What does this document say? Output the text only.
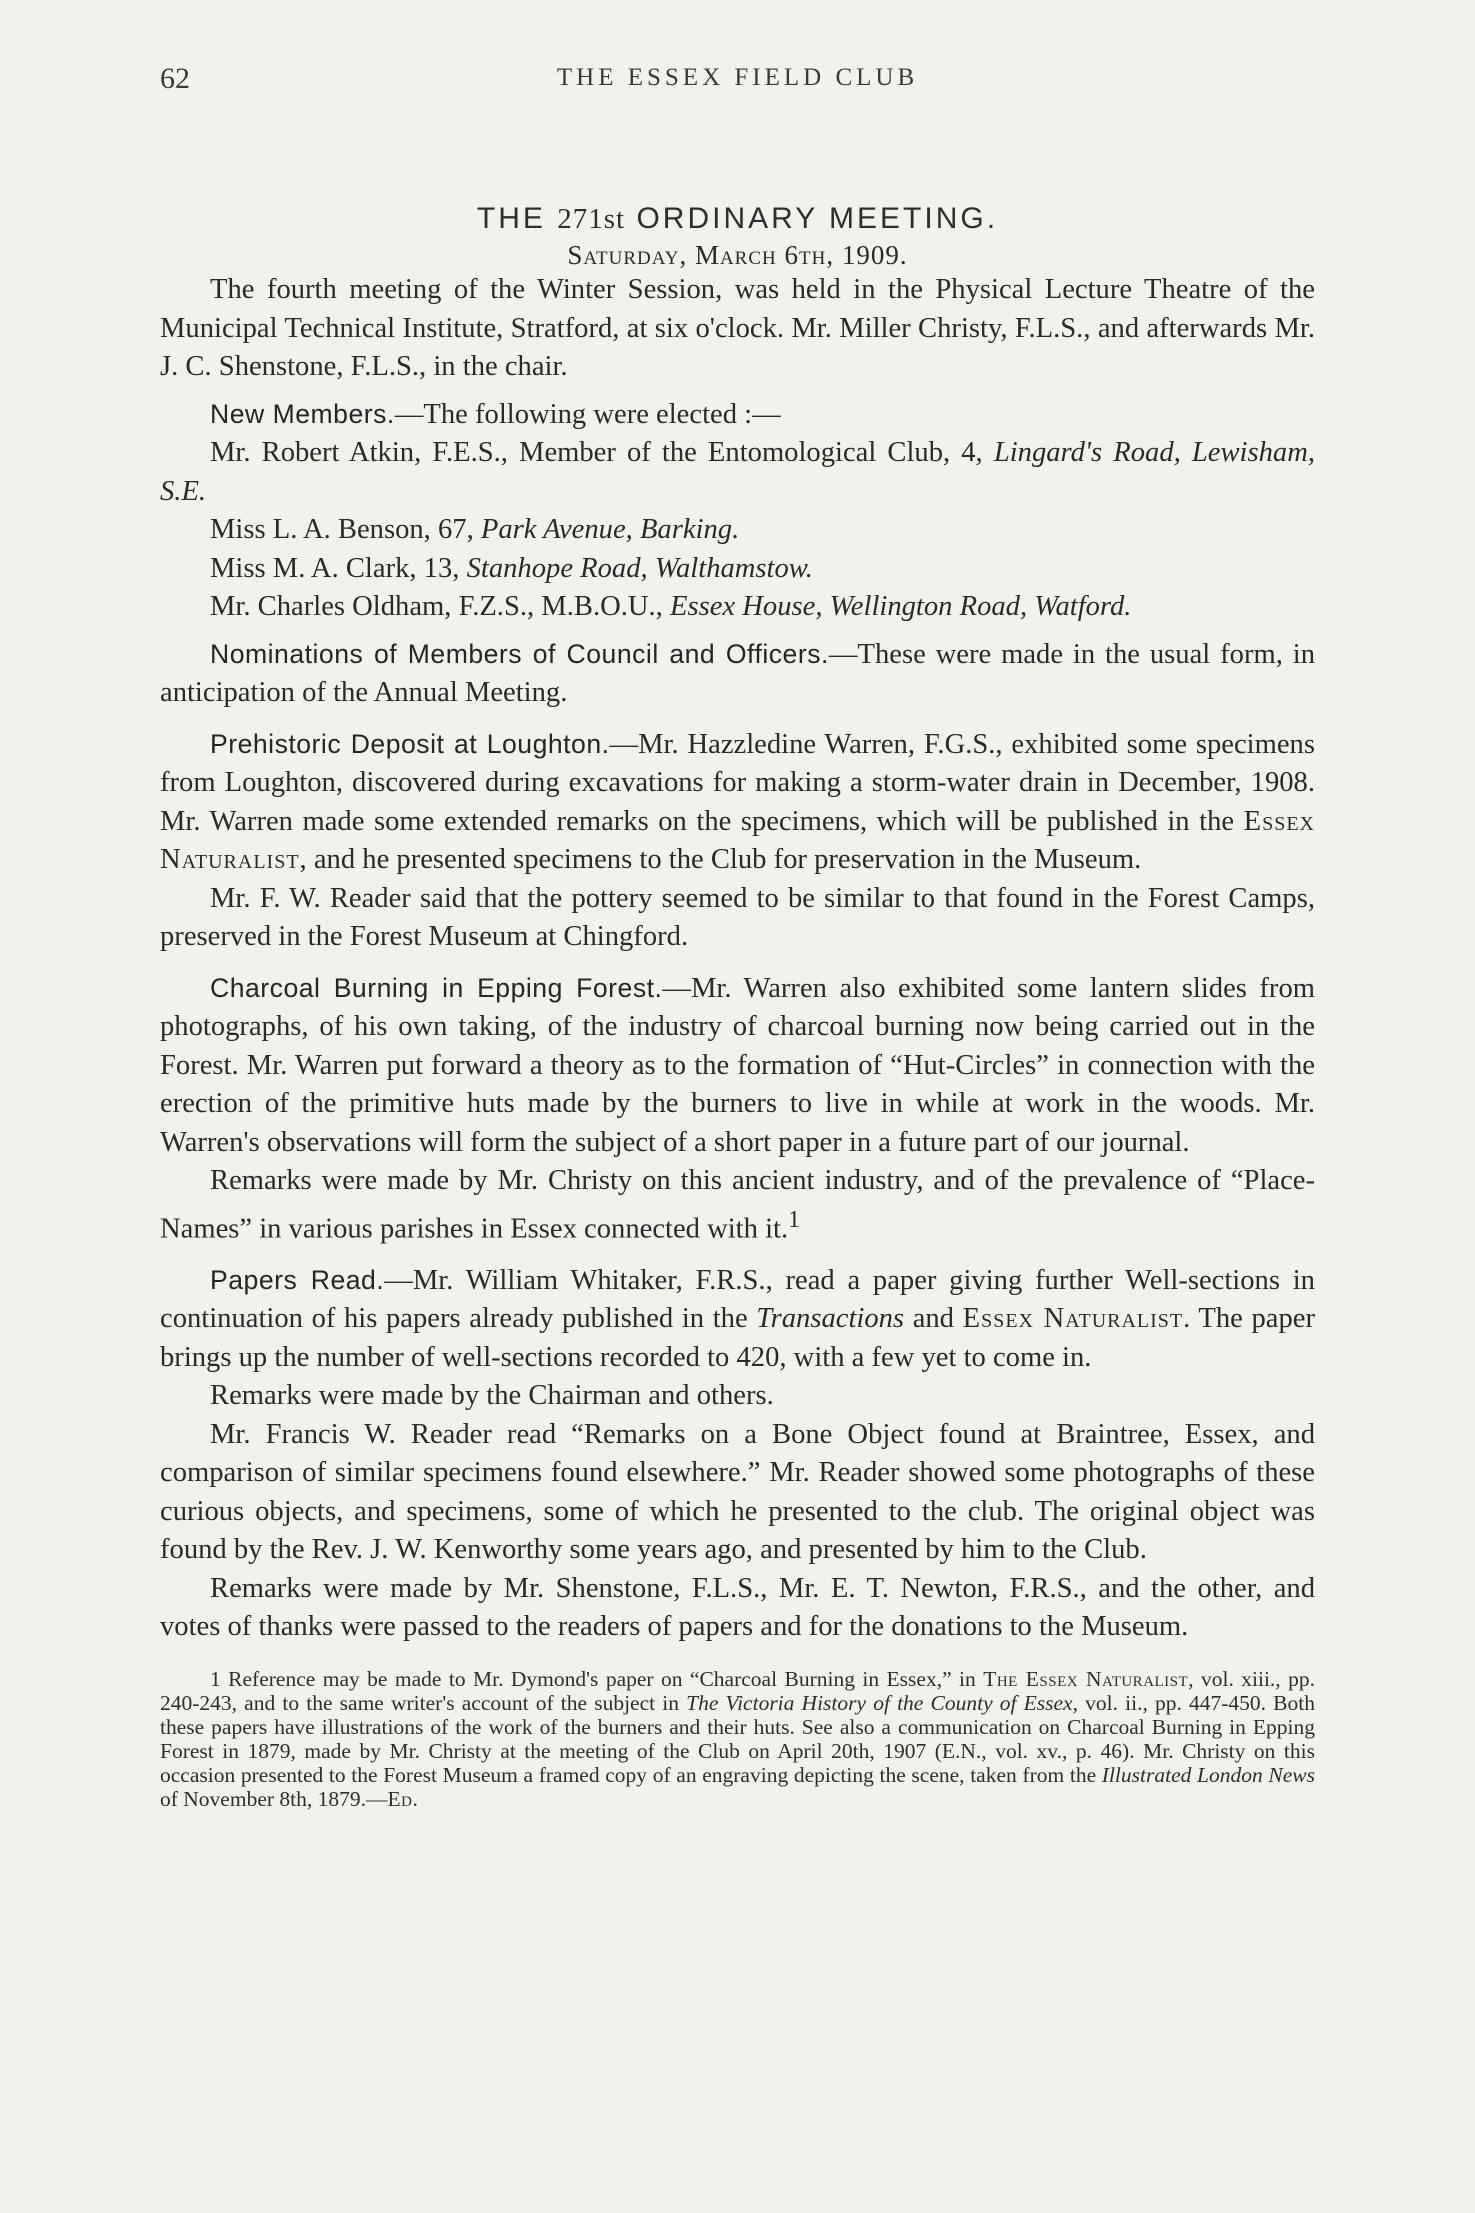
62	THE ESSEX FIELD CLUB
THE 271st ORDINARY MEETING.
Saturday, March 6th, 1909.

The fourth meeting of the Winter Session, was held in the Physical Lecture Theatre of the Municipal Technical Institute, Stratford, at six o'clock. Mr. Miller Christy, F.L.S., and afterwards Mr. J. C. Shenstone, F.L.S., in the chair.

New Members.—The following were elected :—

Mr. Robert Atkin, F.E.S., Member of the Entomological Club, 4, Lingard's Road, Lewisham, S.E.

Miss L. A. Benson, 67, Park Avenue, Barking.

Miss M. A. Clark, 13, Stanhope Road, Walthamstow.

Mr. Charles Oldham, F.Z.S., M.B.O.U., Essex House, Wellington Road, Watford.

Nominations of Members of Council and Officers.—These were made in the usual form, in anticipation of the Annual Meeting.

Prehistoric Deposit at Loughton.—Mr. Hazzledine Warren, F.G.S., exhibited some specimens from Loughton, discovered during excavations for making a storm-water drain in December, 1908. Mr. Warren made some extended remarks on the specimens, which will be published in the Essex Naturalist, and he presented specimens to the Club for preservation in the Museum.

Mr. F. W. Reader said that the pottery seemed to be similar to that found in the Forest Camps, preserved in the Forest Museum at Chingford.

Charcoal Burning in Epping Forest.—Mr. Warren also exhibited some lantern slides from photographs, of his own taking, of the industry of charcoal burning now being carried out in the Forest. Mr. Warren put forward a theory as to the formation of “Hut-Circles” in connection with the erection of the primitive huts made by the burners to live in while at work in the woods. Mr. Warren's observations will form the subject of a short paper in a future part of our journal.

Remarks were made by Mr. Christy on this ancient industry, and of the prevalence of “Place-Names” in various parishes in Essex connected with it.$^1$

Papers Read.—Mr. William Whitaker, F.R.S., read a paper giving further Well-sections in continuation of his papers already published in the Transactions and Essex Naturalist. The paper brings up the number of well-sections recorded to 420, with a few yet to come in.

Remarks were made by the Chairman and others.

Mr. Francis W. Reader read “Remarks on a Bone Object found at Braintree, Essex, and comparison of similar specimens found elsewhere.” Mr. Reader showed some photographs of these curious objects, and specimens, some of which he presented to the club. The original object was found by the Rev. J. W. Kenworthy some years ago, and presented by him to the Club.

Remarks were made by Mr. Shenstone, F.L.S., Mr. E. T. Newton, F.R.S., and the other, and votes of thanks were passed to the readers of papers and for the donations to the Museum.

1 Reference may be made to Mr. Dymond's paper on “Charcoal Burning in Essex,” in The Essex Naturalist, vol. xiii., pp. 240-243, and to the same writer's account of the subject in The Victoria History of the County of Essex, vol. ii., pp. 447-450. Both these papers have illustrations of the work of the burners and their huts. See also a communication on Charcoal Burning in Epping Forest in 1879, made by Mr. Christy at the meeting of the Club on April 20th, 1907 (E.N., vol. xv., p. 46). Mr. Christy on this occasion presented to the Forest Museum a framed copy of an engraving depicting the scene, taken from the Illustrated London News of November 8th, 1879.—Ed.
